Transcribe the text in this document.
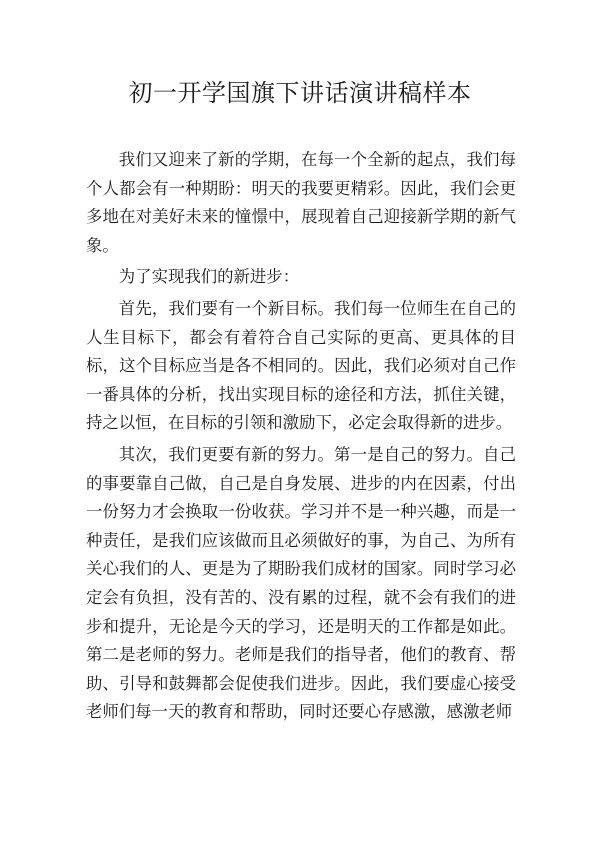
初一开学国旗下讲话演讲稿样本

我们又迎来了新的学期，在每一个全新的起点，我们每个人都会有一种期盼：明天的我要更精彩。因此，我们会更多地在对美好未来的憧憬中，展现着自己迎接新学期的新气象。

为了实现我们的新进步：

首先，我们要有一个新目标。我们每一位师生在自己的人生目标下，都会有着符合自己实际的更高、更具体的目标，这个目标应当是各不相同的。因此，我们必须对自己作一番具体的分析，找出实现目标的途径和方法，抓住关键，持之以恒，在目标的引领和激励下，必定会取得新的进步。

其次，我们更要有新的努力。第一是自己的努力。自己的事要靠自己做，自己是自身发展、进步的内在因素，付出一份努力才会换取一份收获。学习并不是一种兴趣，而是一种责任，是我们应该做而且必须做好的事，为自己、为所有关心我们的人、更是为了期盼我们成材的国家。同时学习必定会有负担，没有苦的、没有累的过程，就不会有我们的进步和提升，无论是今天的学习，还是明天的工作都是如此。第二是老师的努力。老师是我们的指导者，他们的教育、帮助、引导和鼓舞都会促使我们进步。因此，我们要虚心接受老师们每一天的教育和帮助，同时还要心存感激，感激老师
